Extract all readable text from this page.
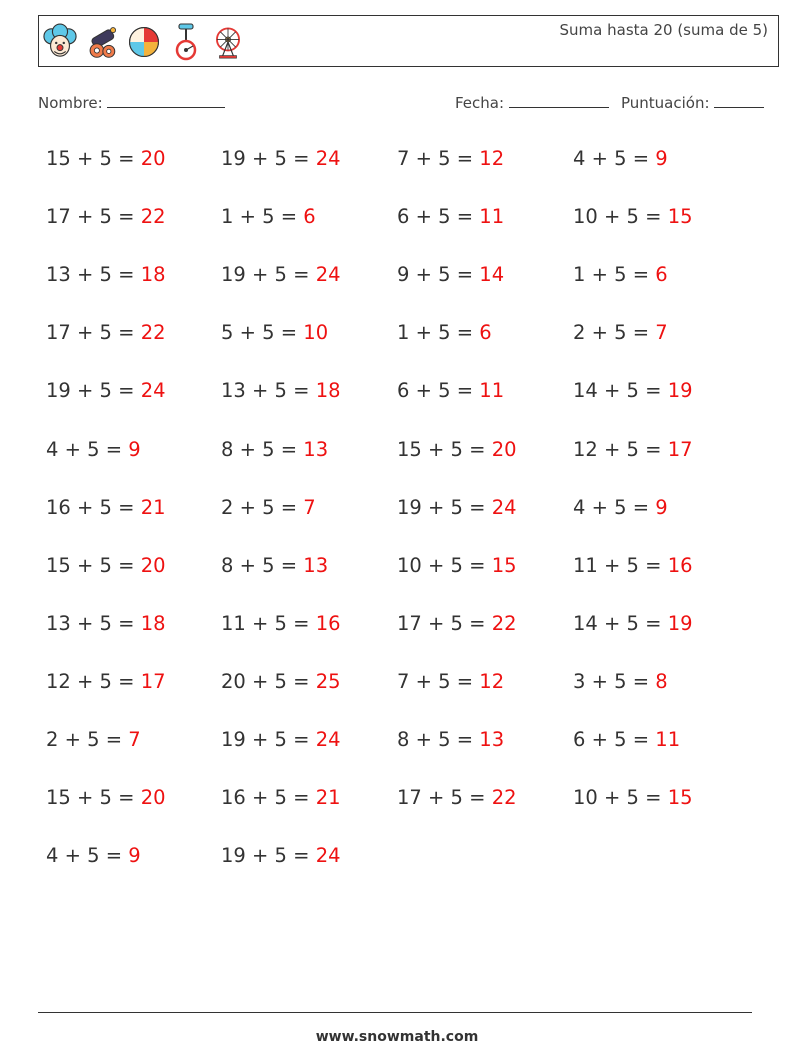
Suma hasta 20 (suma de 5)
Nombre:	Fecha:	Puntuación:
15 + 5 = 20	19 + 5 = 24	7 + 5 = 12	4 + 5 = 9
17 + 5 = 22	1 + 5 = 6	6 + 5 = 11	10 + 5 = 15
13 + 5 = 18	19 + 5 = 24	9 + 5 = 14	1 + 5 = 6
17 + 5 = 22	5 + 5 = 10	1 + 5 = 6	2 + 5 = 7
19 + 5 = 24	13 + 5 = 18	6 + 5 = 11	14 + 5 = 19
4 + 5 = 9	8 + 5 = 13	15 + 5 = 20	12 + 5 = 17
16 + 5 = 21	2 + 5 = 7	19 + 5 = 24	4 + 5 = 9
15 + 5 = 20	8 + 5 = 13	10 + 5 = 15	11 + 5 = 16
13 + 5 = 18	11 + 5 = 16	17 + 5 = 22	14 + 5 = 19
12 + 5 = 17	20 + 5 = 25	7 + 5 = 12	3 + 5 = 8
2 + 5 = 7	19 + 5 = 24	8 + 5 = 13	6 + 5 = 11
15 + 5 = 20	16 + 5 = 21	17 + 5 = 22	10 + 5 = 15
4 + 5 = 9	19 + 5 = 24
www.snowmath.com
